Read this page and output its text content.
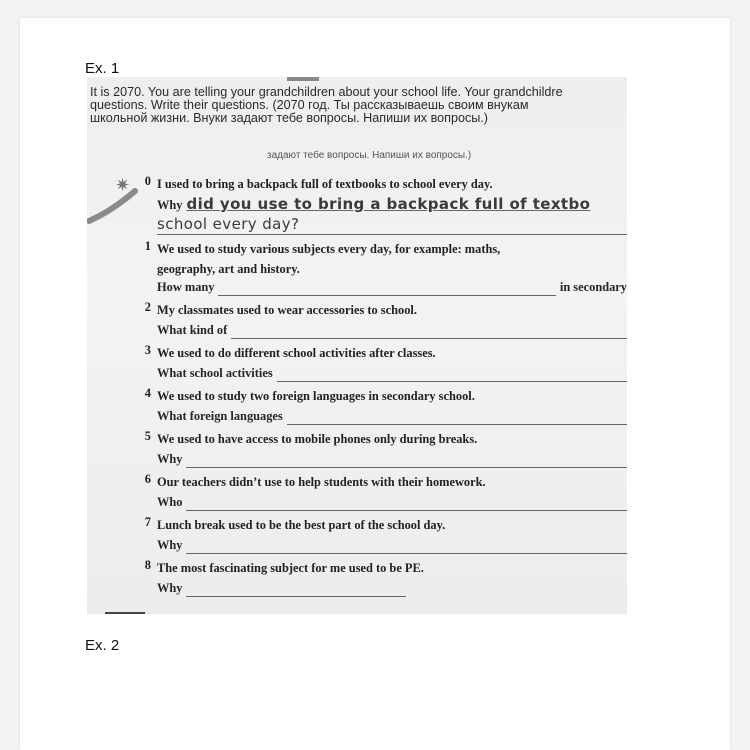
Ex. 1
It is 2070. You are telling your grandchildren about your school life. Your grandchildre
questions. Write their questions. (2070 год. Ты рассказываешь своим внукам
школьной жизни. Внуки задают тебе вопросы. Напиши их вопросы.)
задают тебе вопросы. Напиши их вопросы.)
✷	0 I used to bring a backpack full of textbooks to school every day.
Why did you use to bring a backpack full of textbo
school every day?
1 We used to study various subjects every day, for example: maths,
geography, art and history.
How many	in secondary
2 My classmates used to wear accessories to school.
What kind of
3 We used to do different school activities after classes.
What school activities
4 We used to study two foreign languages in secondary school.
What foreign languages
5 We used to have access to mobile phones only during breaks.
Why
6 Our teachers didn’t use to help students with their homework.
Who
7 Lunch break used to be the best part of the school day.
Why
8 The most fascinating subject for me used to be PE.
Why
Ex. 2
